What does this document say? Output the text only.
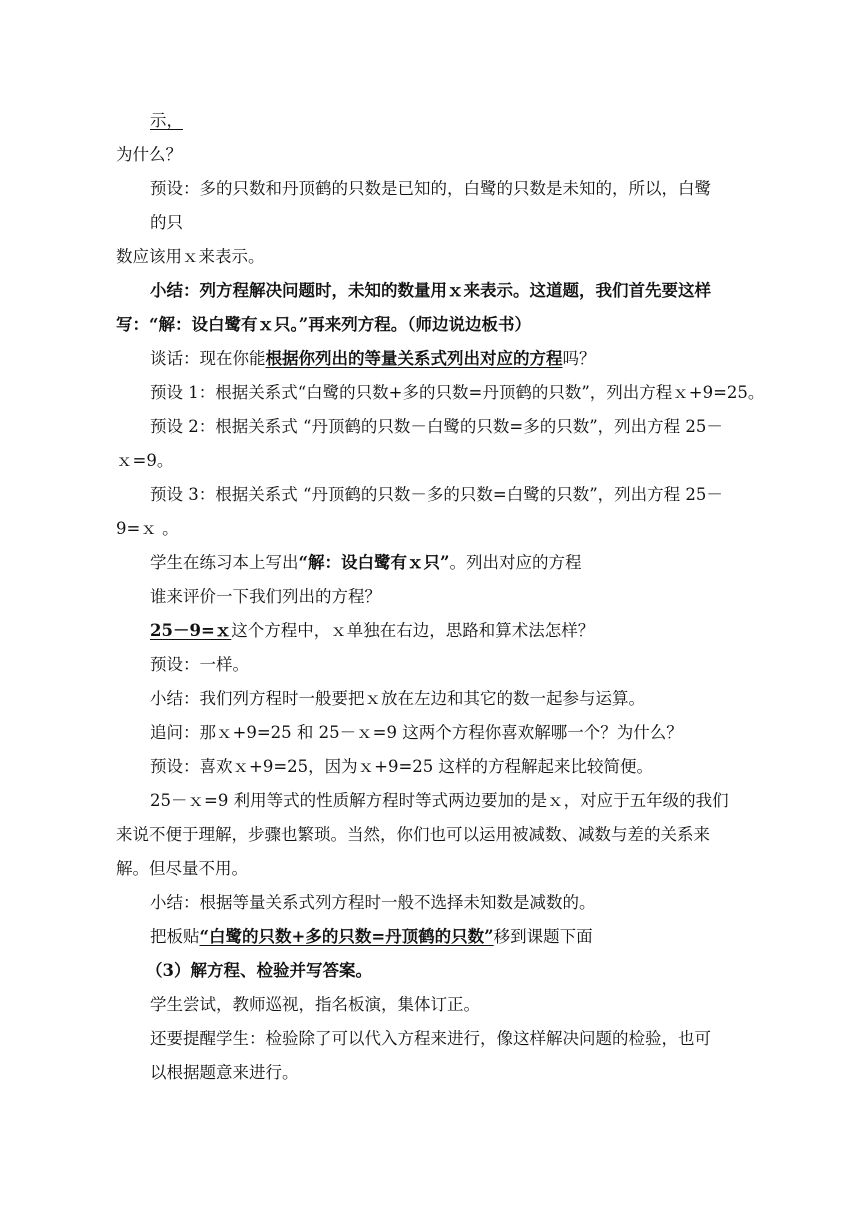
示，
为什么？
预设：多的只数和丹顶鹤的只数是已知的，白鹭的只数是未知的，所以，白鹭
的只
数应该用ｘ来表示。
小结：列方程解决问题时，未知的数量用ｘ来表示。这道题，我们首先要这样
写：“解：设白鹭有ｘ只。”再来列方程。（师边说边板书）
谈话：现在你能根据你列出的等量关系式列出对应的方程吗？
预设 1：根据关系式“白鹭的只数+多的只数=丹顶鹤的只数”，列出方程ｘ+9=25。
预设 2：根据关系式 “丹顶鹤的只数－白鹭的只数=多的只数”，列出方程 25－
ｘ=9。
预设 3：根据关系式 “丹顶鹤的只数－多的只数=白鹭的只数”，列出方程 25－
9=ｘ 。
学生在练习本上写出“解：设白鹭有ｘ只”。列出对应的方程
谁来评价一下我们列出的方程？
25－9=ｘ这个方程中，ｘ单独在右边，思路和算术法怎样？
预设：一样。
小结：我们列方程时一般要把ｘ放在左边和其它的数一起参与运算。
追问：那ｘ+9=25 和 25－ｘ=9 这两个方程你喜欢解哪一个？为什么？
预设：喜欢ｘ+9=25，因为ｘ+9=25 这样的方程解起来比较简便。
25－ｘ=9 利用等式的性质解方程时等式两边要加的是ｘ，对应于五年级的我们
来说不便于理解，步骤也繁琐。当然，你们也可以运用被减数、减数与差的关系来
解。但尽量不用。
小结：根据等量关系式列方程时一般不选择未知数是减数的。
把板贴“白鹭的只数+多的只数=丹顶鹤的只数”移到课题下面
（3）解方程、检验并写答案。
学生尝试，教师巡视，指名板演，集体订正。
还要提醒学生：检验除了可以代入方程来进行，像这样解决问题的检验，也可
以根据题意来进行。
